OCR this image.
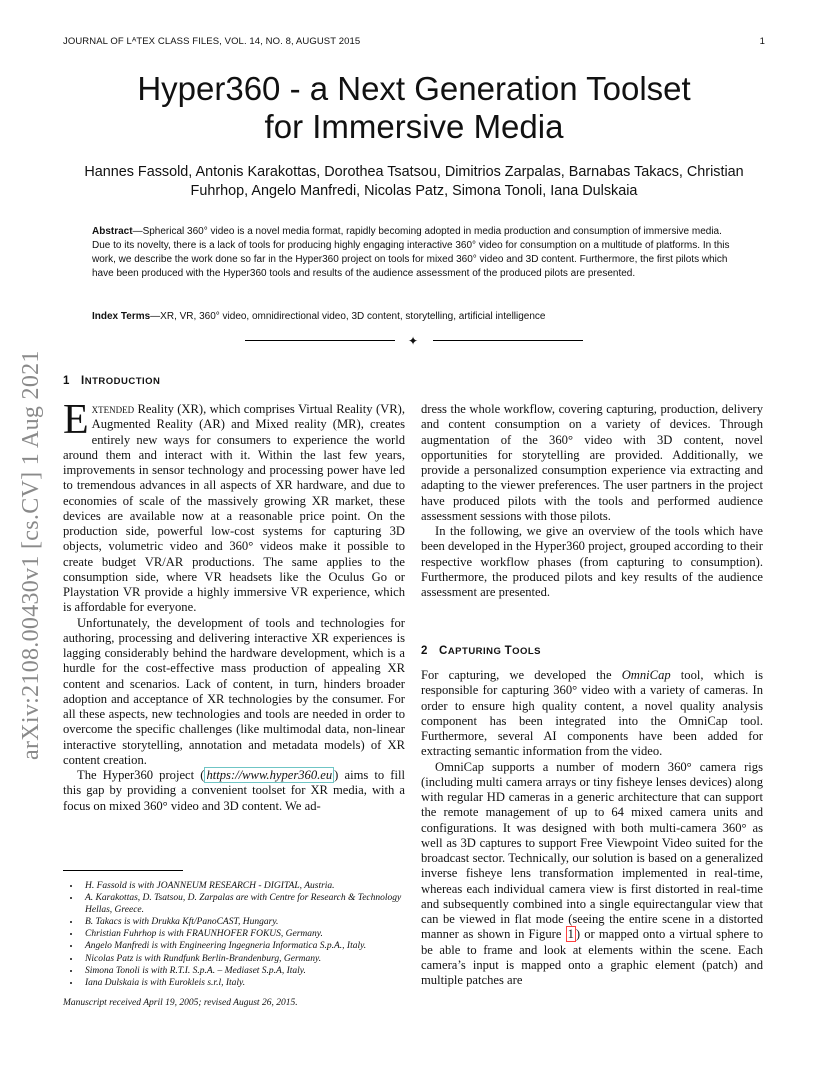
JOURNAL OF LᴬTEX CLASS FILES, VOL. 14, NO. 8, AUGUST 2015	1
arXiv:2108.00430v1 [cs.CV] 1 Aug 2021
Hyper360 - a Next Generation Toolset
for Immersive Media
Hannes Fassold, Antonis Karakottas, Dorothea Tsatsou, Dimitrios Zarpalas, Barnabas Takacs, Christian
Fuhrhop, Angelo Manfredi, Nicolas Patz, Simona Tonoli, Iana Dulskaia
Abstract—Spherical 360° video is a novel media format, rapidly becoming adopted in media production and consumption of immersive media. Due to its novelty, there is a lack of tools for producing highly engaging interactive 360° video for consumption on a multitude of platforms. In this work, we describe the work done so far in the Hyper360 project on tools for mixed 360° video and 3D content. Furthermore, the first pilots which have been produced with the Hyper360 tools and results of the audience assessment of the produced pilots are presented.
Index Terms—XR, VR, 360° video, omnidirectional video, 3D content, storytelling, artificial intelligence
✦
1 INTRODUCTION

Extended Reality (XR), which comprises Virtual Reality (VR), Augmented Reality (AR) and Mixed reality (MR), creates entirely new ways for consumers to experience the world around them and interact with it. Within the last few years, improvements in sensor technology and processing power have led to tremendous advances in all aspects of XR hardware, and due to economies of scale of the massively growing XR market, these devices are available now at a reasonable price point. On the production side, powerful low-cost systems for capturing 3D objects, volumetric video and 360° videos make it possible to create budget VR/AR productions. The same applies to the consumption side, where VR headsets like the Oculus Go or Playstation VR provide a highly immersive VR experience, which is affordable for everyone.

Unfortunately, the development of tools and technologies for authoring, processing and delivering interactive XR experiences is lagging considerably behind the hardware development, which is a hurdle for the cost-effective mass production of appealing XR content and scenarios. Lack of content, in turn, hinders broader adoption and acceptance of XR technologies by the consumer. For all these aspects, new technologies and tools are needed in order to overcome the specific challenges (like multimodal data, non-linear interactive storytelling, annotation and metadata models) of XR content creation.

The Hyper360 project ( https://www.hyper360.eu ) aims to fill this gap by providing a convenient toolset for XR media, with a focus on mixed 360° video and 3D content. We ad-

dress the whole workflow, covering capturing, production, delivery and content consumption on a variety of devices. Through augmentation of the 360° video with 3D content, novel opportunities for storytelling are provided. Additionally, we provide a personalized consumption experience via extracting and adapting to the viewer preferences. The user partners in the project have produced pilots with the tools and performed audience assessment sessions with those pilots.

In the following, we give an overview of the tools which have been developed in the Hyper360 project, grouped according to their respective workflow phases (from capturing to consumption). Furthermore, the produced pilots and key results of the audience assessment are presented.

2 CAPTURING TOOLS

For capturing, we developed the OmniCap tool, which is responsible for capturing 360° video with a variety of cameras. In order to ensure high quality content, a novel quality analysis component has been integrated into the OmniCap tool. Furthermore, several AI components have been added for extracting semantic information from the video.

OmniCap supports a number of modern 360° camera rigs (including multi camera arrays or tiny fisheye lenses devices) along with regular HD cameras in a generic architecture that can support the remote management of up to 64 mixed camera units and configurations. It was designed with both multi-camera 360° as well as 3D captures to support Free Viewpoint Video suited for the broadcast sector. Technically, our solution is based on a generalized inverse fisheye lens transformation implemented in real-time, whereas each individual camera view is first distorted in real-time and subsequently combined into a single equirectangular view that can be viewed in flat mode (seeing the entire scene in a distorted manner as shown in Figure 1 ) or mapped onto a virtual sphere to be able to frame and look at elements within the scene. Each camera’s input is mapped onto a graphic element (patch) and multiple patches are

• H. Fassold is with JOANNEUM RESEARCH - DIGITAL, Austria.
• A. Karakottas, D. Tsatsou, D. Zarpalas are with Centre for Research & Technology Hellas, Greece.
• B. Takacs is with Drukka Kft/PanoCAST, Hungary.
• Christian Fuhrhop is with FRAUNHOFER FOKUS, Germany.
• Angelo Manfredi is with Engineering Ingegneria Informatica S.p.A., Italy.
• Nicolas Patz is with Rundfunk Berlin-Brandenburg, Germany.
• Simona Tonoli is with R.T.I. S.p.A. – Mediaset S.p.A, Italy.
• Iana Dulskaia is with Eurokleis s.r.l, Italy.
Manuscript received April 19, 2005; revised August 26, 2015.
